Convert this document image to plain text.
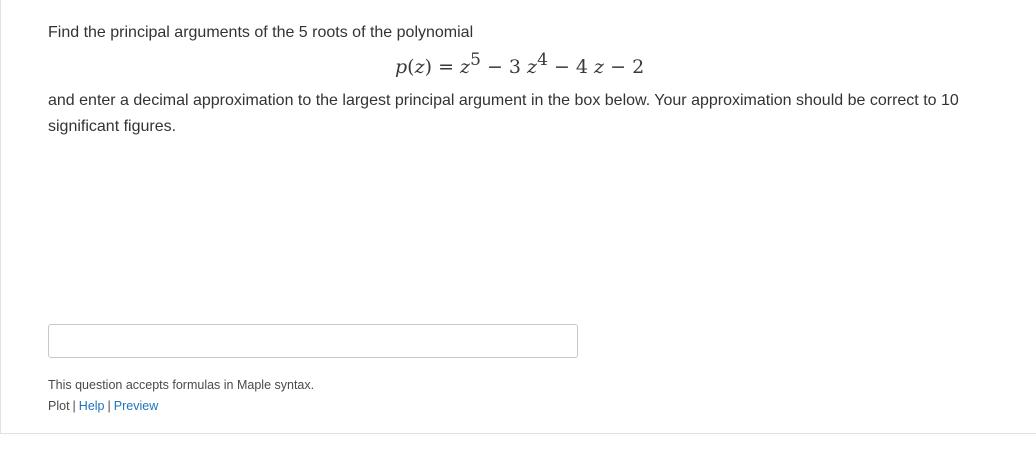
Find the principal arguments of the 5 roots of the polynomial

$p(z) = z^5 - 3$ $z^4 - 4$ z − 2

and enter a decimal approximation to the largest principal argument in the box below. Your approximation should be correct to 10 significant figures.

This question accepts formulas in Maple syntax.

Plot | Help | Preview
